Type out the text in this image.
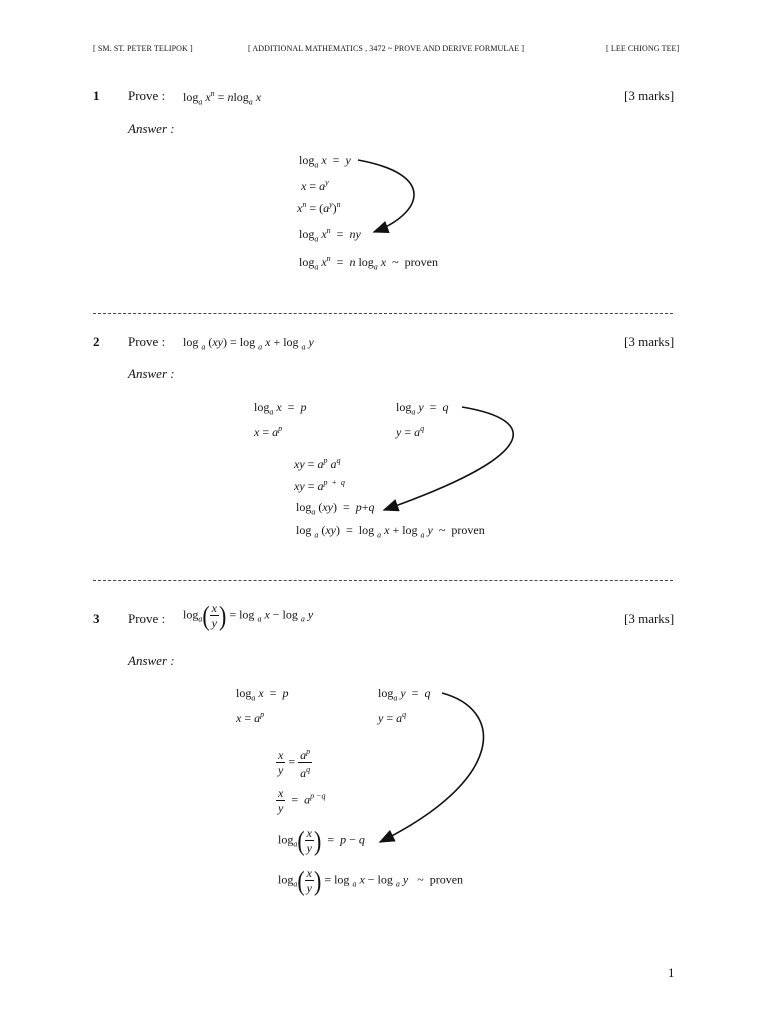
[ SM. ST. PETER TELIPOK ]	[ ADDITIONAL MATHEMATICS , 3472 ~ PROVE AND DERIVE FORMULAE ]	[ LEE CHIONG TEE]
1 Prove : $\log_a x^n = nlog_a$ x	[3 marks]
Answer :
$\log_a x = y$
$x = a^y$
$x^n = (a^y)^n$
$\log_a x^n$  =  ny
$\log_a x^n = n$ $\log_a x$  ~ proven
2 Prove : log $_a$ (xy) = log $_a$ x + log $_a$ y	[3 marks]
Answer :
$\log_a x = p$	$\log_a y = q$
$x = a^p$	$y = a^q$
xy = $a^p$ $a^q$
xy = $a^{p + q}$
$\log_a (xy) = p+q$
log $_a$ (xy)  =  log $_a$ x + log $_a$ y  ~ proven
3 Prove : $\log_a( \frac{x}{y}$ ) = log $_a$ x − log $_a$ y	[3 marks]
Answer :
$\log_a x = p$	$\log_a y = q$
$x = a^p$	$y = a^q$
$\frac{x}{y} = \frac{a^p}{a^q}$
$\frac{x}{y} = a^{p -q}$
$\log_a( \frac{x}{y}$ )  =  p − q
$\log_a( \frac{x}{y}$ ) = log $_a$ x − log $_a$ y   ~ proven
1
